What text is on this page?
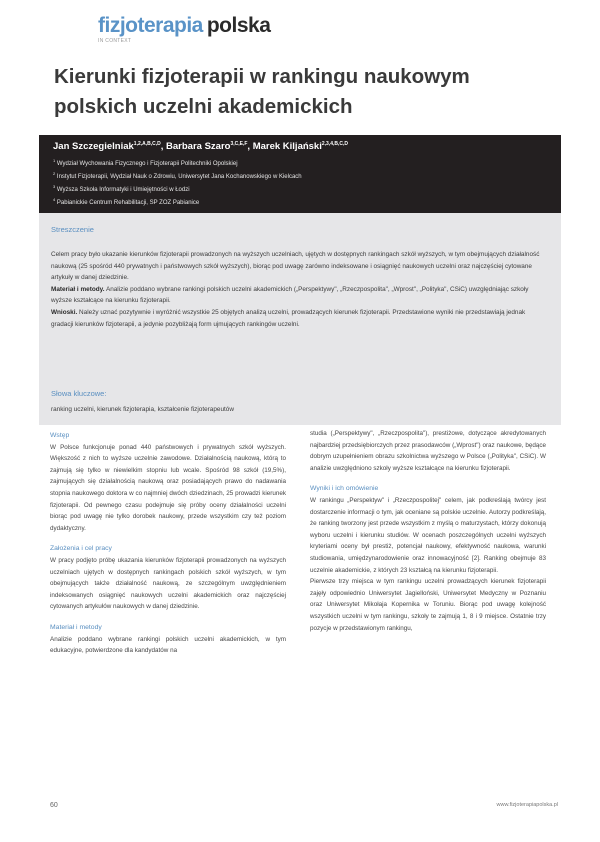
fizjoterapia polska
IN CONTEXT
Kierunki fizjoterapii w rankingu naukowym polskich uczelni akademickich
Jan Szczegielniak$^{1,2,A,B,C,D}$, Barbara Szaro$^{3,C,E,F}$, Marek Kiljański$^{2,3,4,B,C,D}$
$^1$ Wydział Wychowania Fizycznego i Fizjoterapii Politechniki Opolskiej
$^2$ Instytut Fizjoterapii, Wydział Nauk o Zdrowiu, Uniwersytet Jana Kochanowskiego w Kielcach
$^3$ Wyższa Szkoła Informatyki i Umiejętności w Łodzi
$^4$ Pabianickie Centrum Rehabilitacji, SP ZOZ Pabianice
Streszczenie
Celem pracy było ukazanie kierunków fizjoterapii prowadzonych na wyższych uczelniach, ujętych w dostępnych rankingach szkół wyższych, w tym obejmujących działalność naukową (25 spośród 440 prywatnych i państwowych szkół wyższych), biorąc pod uwagę zarówno indeksowane i osiągnięć naukowych uczelni oraz najczęściej cytowane artykuły w danej dziedzinie.
Materiał i metody. Analizie poddano wybrane rankingi polskich uczelni akademickich („Perspektywy", „Rzeczpospolita", „Wprost", „Polityka", CSiC) uwzględniając szkoły wyższe kształcące na kierunku fizjoterapii.
Wnioski. Należy uznać pozytywnie i wyróżnić wszystkie 25 objętych analizą uczelni, prowadzących kierunek fizjoterapii. Przedstawione wyniki nie przedstawiają jednak gradacji kierunków fizjoterapii, a jedynie pozybliżają form ujmujących rankingów uczelni.
Słowa kluczowe:
ranking uczelni, kierunek fizjoterapia, kształcenie fizjoterapeutów
Wstęp

W Polsce funkcjonuje ponad 440 państwowych i prywatnych szkół wyższych. Większość z nich to wyższe uczelnie zawodowe. Działalnością naukową, którą to zajmują się tylko w niewielkim stopniu lub wcale. Spośród 98 szkół (19,5%), zajmujących się działalnością naukową oraz posiadających prawo do nadawania stopnia naukowego doktora w co najmniej dwóch dziedzinach, 25 prowadzi kierunek fizjoterapii. Od pewnego czasu podejmuje się próby oceny działalności uczelni biorąc pod uwagę nie tylko dorobek naukowy, przede wszystkim czy też poziom dydaktyczny.

Założenia i cel pracy

W pracy podjęto próbę ukazania kierunków fizjoterapii prowadzonych na wyższych uczelniach ujętych w dostępnych rankingach polskich szkół wyższych, w tym obejmujących także działalność naukową, ze szczególnym uwzględnieniem indeksowanych osiągnięć naukowych uczelni akademickich oraz najczęściej cytowanych artykułów naukowych w danej dziedzinie.

Materiał i metody

Analizie poddano wybrane rankingi polskich uczelni akademickich, w tym edukacyjne, potwierdzone dla kandydatów na

studia („Perspektywy", „Rzeczpospolita"), prestiżowe, dotyczące akredytowanych najbardziej przedsiębiorczych przez prasodawców („Wprost") oraz naukowe, będące dobrym uzupełnieniem obrazu szkolnictwa wyższego w Polsce („Polityka", CSiC). W analizie uwzględniono szkoły wyższe kształcące na kierunku fizjoterapii.

Wyniki i ich omówienie

W rankingu „Perspektyw" i „Rzeczpospolitej" celem, jak podkreślają twórcy jest dostarczenie informacji o tym, jak oceniane są polskie uczelnie. Autorzy podkreślają, że ranking tworzony jest przede wszystkim z myślą o maturzystach, którzy dokonują wyboru uczelni i kierunku studiów. W ocenach poszczególnych uczelni wyższych kryteriami oceny był prestiż, potencjał naukowy, efektywność naukowa, warunki studiowania, umiędzynarodowienie oraz innowacyjność [2]. Ranking obejmuje 83 uczelnie akademickie, z których 23 kształcą na kierunku fizjoterapii.

Pierwsze trzy miejsca w tym rankingu uczelni prowadzących kierunek fizjoterapii zajęły odpowiednio Uniwersytet Jagielloński, Uniwersytet Medyczny w Poznaniu oraz Uniwersytet Mikołaja Kopernika w Toruniu. Biorąc pod uwagę kolejność wszystkich uczelni w tym rankingu, szkoły te zajmują 1, 8 i 9 miejsce. Ostatnie trzy pozycje w przedstawionym rankingu,

60	www.fizjoterapiapolska.pl
